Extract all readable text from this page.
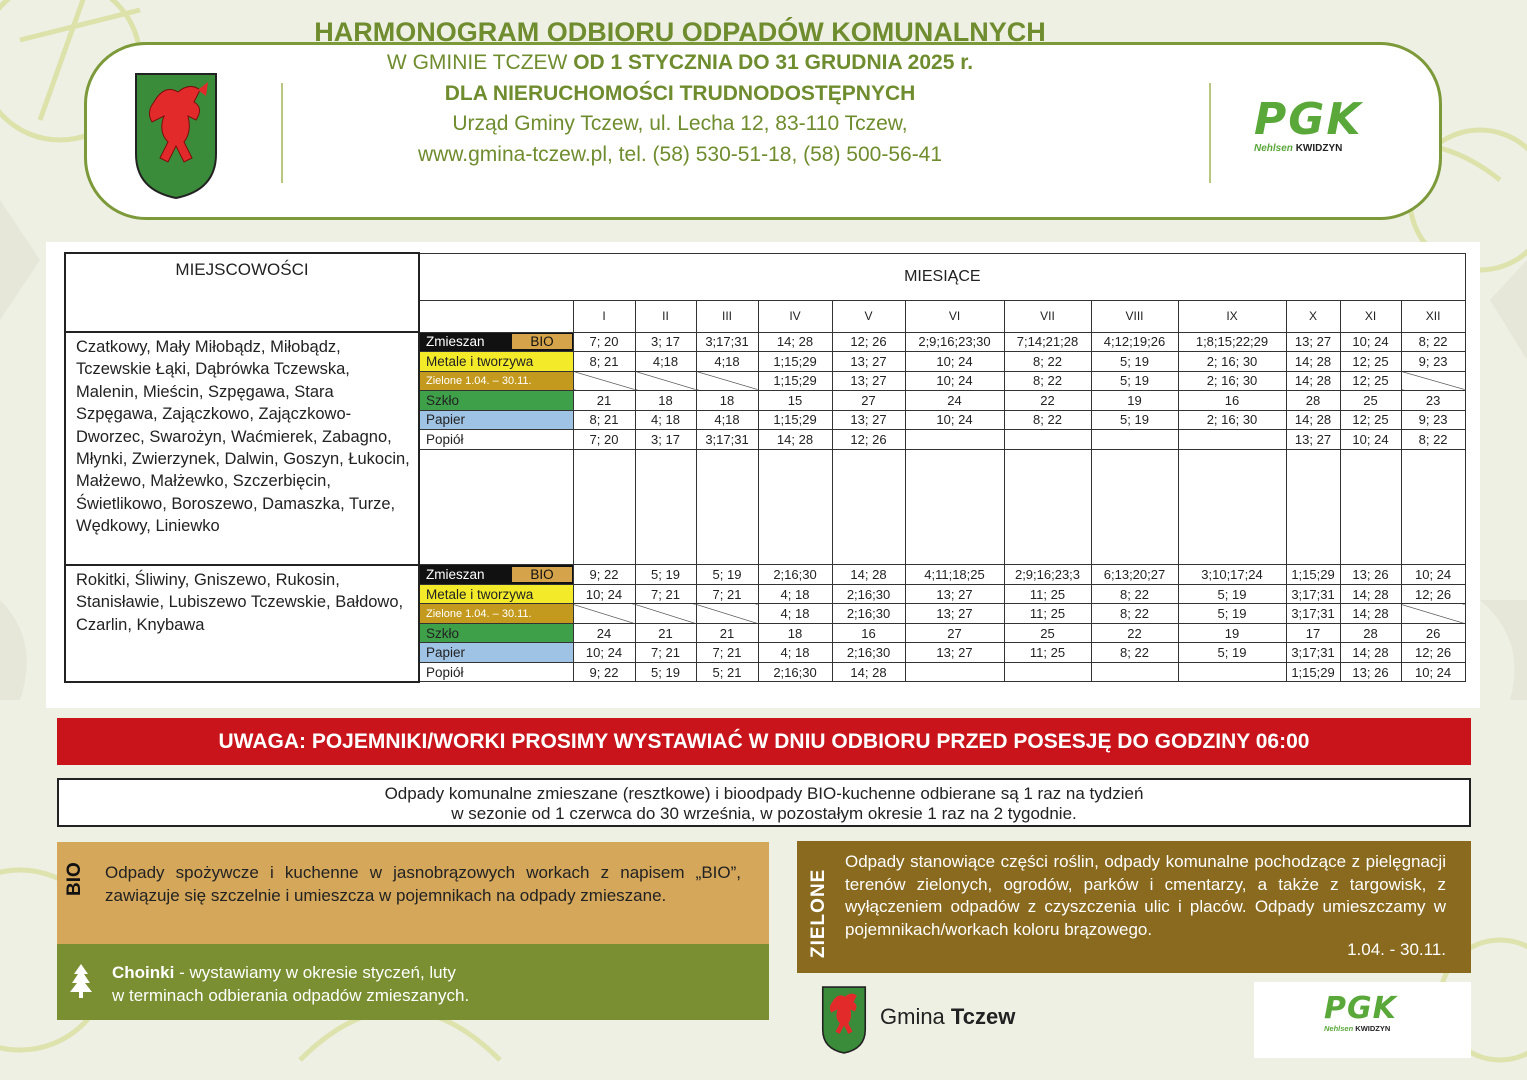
HARMONOGRAM ODBIORU ODPADÓW KOMUNALNYCH
W GMINIE TCZEW OD 1 STYCZNIA DO 31 GRUDNIA 2025 r.
DLA NIERUCHOMOŚCI TRUDNODOSTĘPNYCH
Urząd Gminy Tczew, ul. Lecha 12, 83-110 Tczew,
www.gmina-tczew.pl, tel. (58) 530-51-18, (58) 500-56-41
PGK
Nehlsen KWIDZYN
MIEJSCOWOŚCI	MIESIĄCE												
		I	II	III	IV	V	VI	VII	VIII	IX	X	XI	XII
Czatkowy, Mały Miłobądz, Miłobądz, Tczewskie Łąki, Dąbrówka Tczewska, Malenin, Mieścin, Szpęgawa, Stara Szpęgawa, Zajączkowo, Zajączkowo-Dworzec, Swarożyn, Waćmierek, Zabagno, Młynki, Zwierzynek, Dalwin, Goszyn, Łukocin, Małżewo, Małżewko, Szczerbięcin, Świetlikowo, Boroszewo, Damaszka, Turze, Wędkowy, Liniewko	Zmieszan BIO	7; 20	3; 17	3;17;31	14; 28	12; 26	2;9;16;23;30	7;14;21;28	4;12;19;26	1;8;15;22;29	13; 27	10; 24	8; 22
	Metale i tworzywa	8; 21	4;18	4;18	1;15;29	13; 27	10; 24	8; 22	5; 19	2; 16; 30	14; 28	12; 25	9; 23
	Zielone 1.04. – 30.11.				1;15;29	13; 27	10; 24	8; 22	5; 19	2; 16; 30	14; 28	12; 25	
	Szkło	21	18	18	15	27	24	22	19	16	28	25	23
	Papier	8; 21	4; 18	4;18	1;15;29	13; 27	10; 24	8; 22	5; 19	2; 16; 30	14; 28	12; 25	9; 23
	Popiół	7; 20	3; 17	3;17;31	14; 28	12; 26					13; 27	10; 24	8; 22

Rokitki, Śliwiny, Gniszewo, Rukosin, Stanisławie, Lubiszewo Tczewskie, Bałdowo, Czarlin, Knybawa	Zmieszan BIO	9; 22	5; 19	5; 19	2;16;30	14; 28	4;11;18;25	2;9;16;23;3	6;13;20;27	3;10;17;24	1;15;29	13; 26	10; 24
	Metale i tworzywa	10; 24	7; 21	7; 21	4; 18	2;16;30	13; 27	11; 25	8; 22	5; 19	3;17;31	14; 28	12; 26
	Zielone 1.04. – 30.11.				4; 18	2;16;30	13; 27	11; 25	8; 22	5; 19	3;17;31	14; 28	
	Szkło	24	21	21	18	16	27	25	22	19	17	28	26
	Papier	10; 24	7; 21	7; 21	4; 18	2;16;30	13; 27	11; 25	8; 22	5; 19	3;17;31	14; 28	12; 26
	Popiół	9; 22	5; 19	5; 21	2;16;30	14; 28					1;15;29	13; 26	10; 24
UWAGA: POJEMNIKI/WORKI PROSIMY WYSTAWIAĆ W DNIU ODBIORU PRZED POSESJĘ DO GODZINY 06:00
Odpady komunalne zmieszane (resztkowe) i bioodpady BIO-kuchenne odbierane są 1 raz na tydzień
w sezonie od 1 czerwca do 30 września, w pozostałym okresie 1 raz na 2 tygodnie.
BIO Odpady spożywcze i kuchenne w jasnobrązowych workach z napisem „BIO”, zawiązuje się szczelnie i umieszcza w pojemnikach na odpady zmieszane.
Choinki - wystawiamy w okresie styczeń, luty
w terminach odbierania odpadów zmieszanych.
ZIELONE
Odpady stanowiące części roślin, odpady komunalne pochodzące z pielęgnacji terenów zielonych, ogrodów, parków i cmentarzy, a także z targowisk, z wyłączeniem odpadów z czyszczenia ulic i placów. Odpady umieszczamy w pojemnikach/workach koloru brązowego.
1.04. - 30.11.
Gmina Tczew	PGK
Nehlsen KWIDZYN
